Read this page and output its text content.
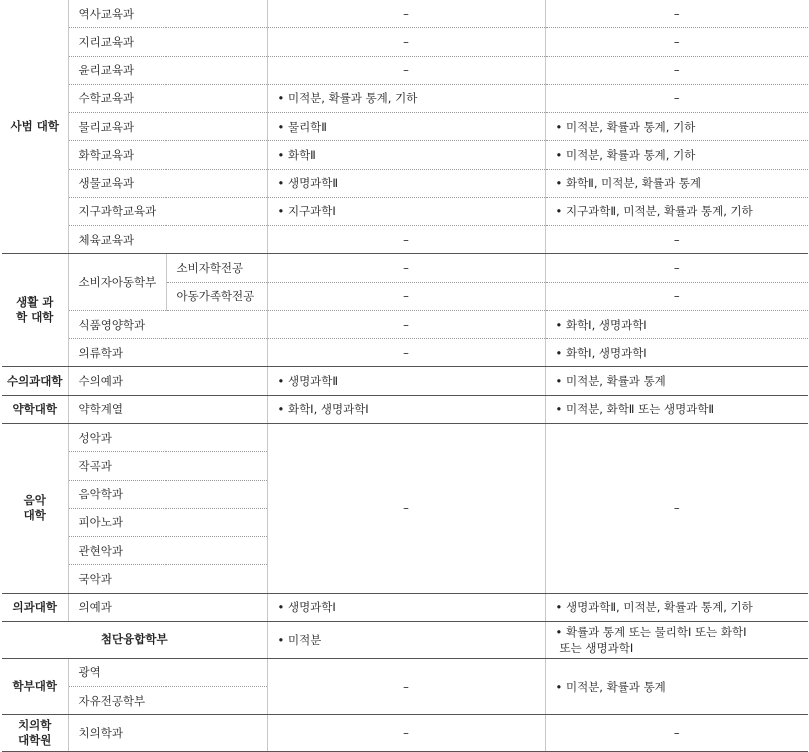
사범 대학	역사교육과		–	–
	지리교육과		–	–
	윤리교육과		–	–
	수학교육과		• 미적분, 확률과 통계, 기하	–
	물리교육과		• 물리학Ⅱ	• 미적분, 확률과 통계, 기하
	화학교육과		• 화학Ⅱ	• 미적분, 확률과 통계, 기하
	생물교육과		• 생명과학Ⅱ	• 화학Ⅱ, 미적분, 확률과 통계
	지구과학교육과		• 지구과학Ⅰ	• 지구과학Ⅱ, 미적분, 확률과 통계, 기하
	체육교육과		–	–
생활 과학 대학	소비자아동학부	소비자학전공	–	–
		아동가족학전공	–	–
	식품영양학과		–	• 화학Ⅰ, 생명과학Ⅰ
	의류학과		–	• 화학Ⅰ, 생명과학Ⅰ
수의과대학	수의예과		• 생명과학Ⅱ	• 미적분, 확률과 통계
약학대학	약학계열		• 화학Ⅰ, 생명과학Ⅰ	• 미적분, 화학Ⅱ 또는 생명과학Ⅱ
음악 대학	성악과		–	–
	작곡과			
	음악학과			
	피아노과			
	관현악과			
	국악과			
의과대학	의예과		• 생명과학Ⅰ	• 생명과학Ⅱ, 미적분, 확률과 통계, 기하
첨단융합학부			• 미적분	• 확률과 통계 또는 물리학Ⅰ 또는 화학Ⅰ
또는 생명과학Ⅰ

학부대학	광역		–	• 미적분, 확률과 통계
	자유전공학부			
치의학 대학원	치의학과		–	–
